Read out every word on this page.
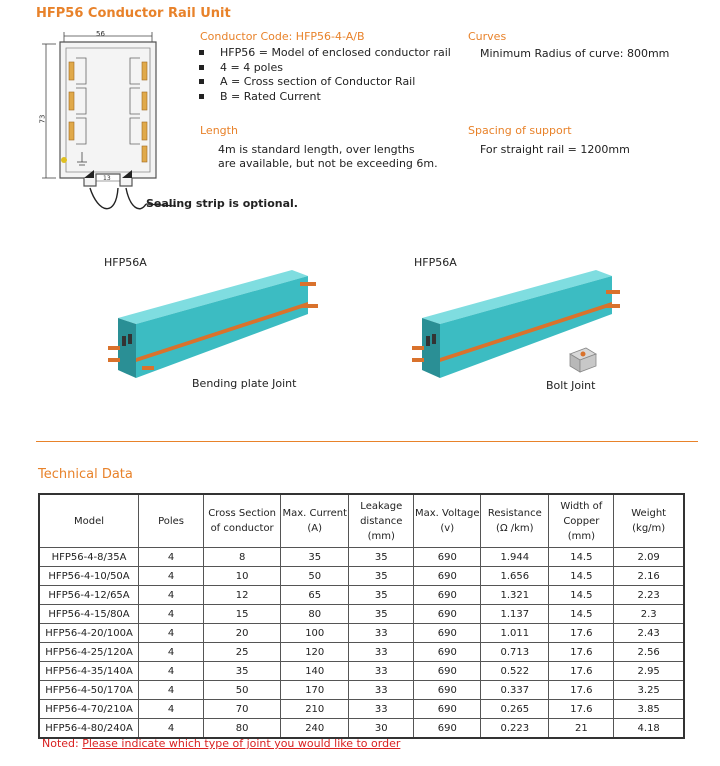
HFP56 Conductor Rail Unit
56
73
13
Sealing strip is optional.
Conductor Code: HFP56-4-A/B
HFP56 = Model of enclosed conductor rail
4 = 4 poles
A = Cross section of Conductor Rail
B = Rated Current
Curves
Minimum Radius of curve: 800mm
Length
4m is standard length, over lengths
are available, but not be exceeding 6m.
Spacing of support
For straight rail = 1200mm
HFP56A
Bending plate Joint
HFP56A
Bolt Joint
Technical Data
Model	Poles	Cross Section of conductor	Max. Current (A)	Leakage distance (mm)	Max. Voltage (v)	Resistance (Ω /km)	Width of Copper (mm)	Weight (kg/m)
HFP56-4-8/35A	4	8	35	35	690	1.944	14.5	2.09
HFP56-4-10/50A	4	10	50	35	690	1.656	14.5	2.16
HFP56-4-12/65A	4	12	65	35	690	1.321	14.5	2.23
HFP56-4-15/80A	4	15	80	35	690	1.137	14.5	2.3
HFP56-4-20/100A	4	20	100	33	690	1.011	17.6	2.43
HFP56-4-25/120A	4	25	120	33	690	0.713	17.6	2.56
HFP56-4-35/140A	4	35	140	33	690	0.522	17.6	2.95
HFP56-4-50/170A	4	50	170	33	690	0.337	17.6	3.25
HFP56-4-70/210A	4	70	210	33	690	0.265	17.6	3.85
HFP56-4-80/240A	4	80	240	30	690	0.223	21	4.18
Noted: Please indicate which type of joint you would like to order
